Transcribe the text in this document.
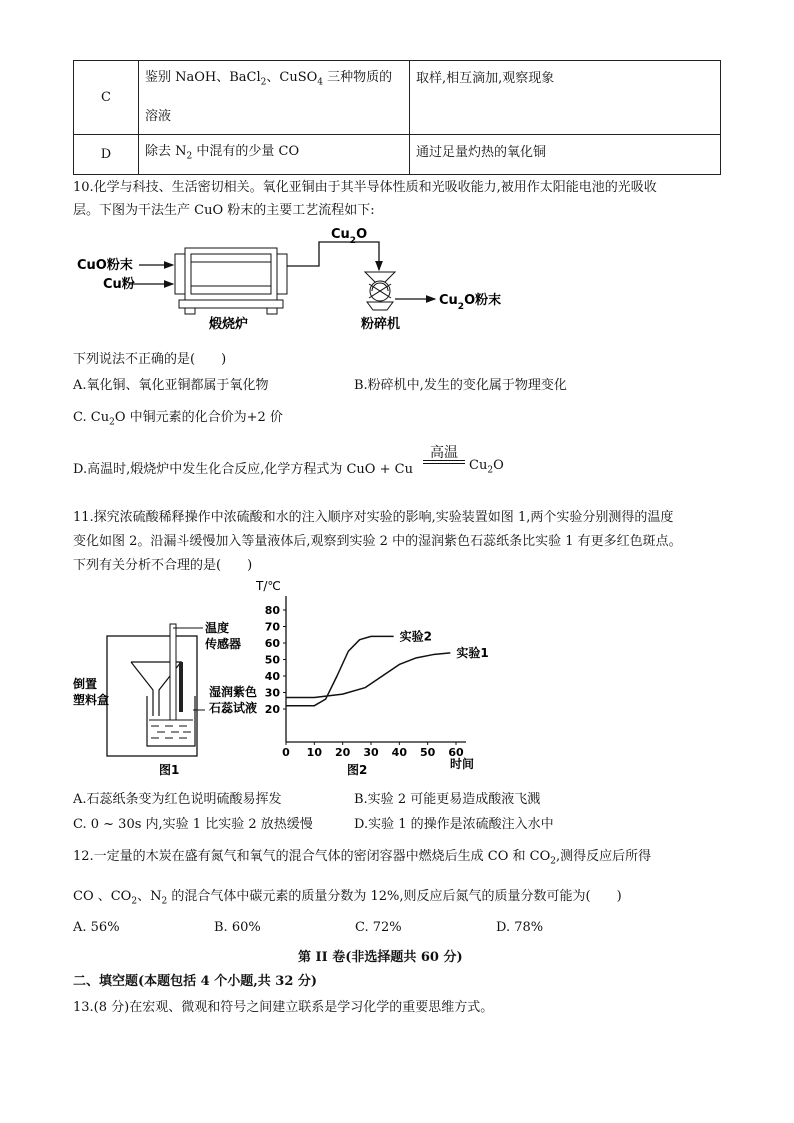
C	鉴别 NaOH、BaCl$_2$、CuSO$_4$ 三种物质的溶液	取样,相互滴加,观察现象
D	除去 $N_2$ 中混有的少量 CO	通过足量灼热的氧化铜
10.化学与科技、生活密切相关。氧化亚铜由于其半导体性质和光吸收能力,被用作太阳能电池的光吸收
层。下图为干法生产 CuO 粉末的主要工艺流程如下:
CuO粉末
Cu粉
煅烧炉
$Cu_2O$
粉碎机
$Cu_2O$粉末
下列说法不正确的是(　　)
A.氧化铜、氧化亚铜都属于氧化物	B.粉碎机中,发生的变化属于物理变化
C. $Cu_2O$ 中铜元素的化合价为+2 价
D.高温时,煅烧炉中发生化合反应,化学方程式为 CuO + Cu
高温
$Cu_2O$
11.探究浓硫酸稀释操作中浓硫酸和水的注入顺序对实验的影响,实验装置如图 1,两个实验分别测得的温度
变化如图 2。沿漏斗缓慢加入等量液体后,观察到实验 2 中的湿润紫色石蕊纸条比实验 1 有更多红色斑点。
下列有关分析不合理的是(　　)
温度
传感器
倒置
塑料盒
湿润紫色
石蕊试液
图1
T/℃
时间
0 10 20 30 40 50 60
20
30
40
50
60
70
80
实验2
实验1
图2
A.石蕊纸条变为红色说明硫酸易挥发	B.实验 2 可能更易造成酸液飞溅
C. 0 ~ 30s 内,实验 1 比实验 2 放热缓慢	D.实验 1 的操作是浓硫酸注入水中
12.一定量的木炭在盛有氮气和氧气的混合气体的密闭容器中燃烧后生成 CO 和 $CO_2$,测得反应后所得
CO 、$CO_2$、$N_2$ 的混合气体中碳元素的质量分数为 12%,则反应后氮气的质量分数可能为(　　)
A. 56%	B. 60%	C. 72%	D. 78%
第 II 卷(非选择题共 60 分)
二、填空题(本题包括 4 个小题,共 32 分)
13.(8 分)在宏观、微观和符号之间建立联系是学习化学的重要思维方式。
